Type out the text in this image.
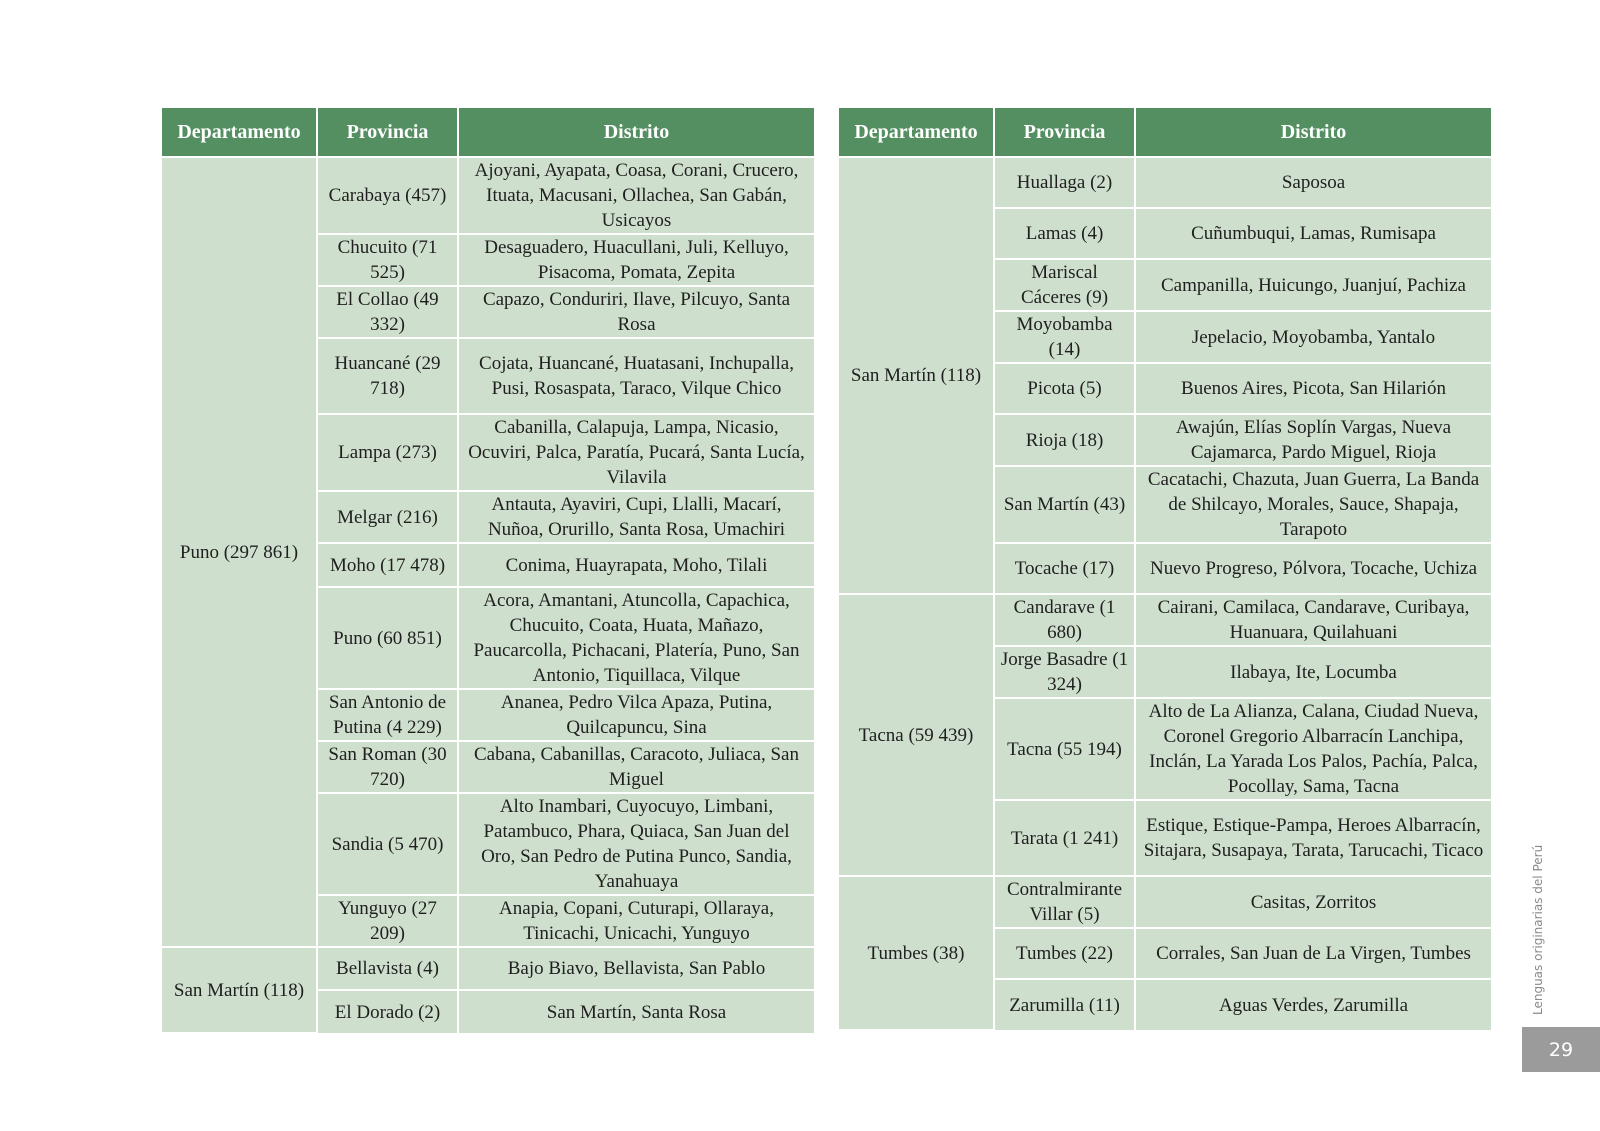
Departamento	Provincia	Distrito
Puno (297 861)	Carabaya (457)	Ajoyani, Ayapata, Coasa, Corani, Crucero, Ituata, Macusani, Ollachea, San Gabán, Usicayos
	Chucuito (71 525)	Desaguadero, Huacullani, Juli, Kelluyo, Pisacoma, Pomata, Zepita
	El Collao (49 332)	Capazo, Conduriri, Ilave, Pilcuyo, Santa Rosa
	Huancané (29 718)	Cojata, Huancané, Huatasani, Inchupalla, Pusi, Rosaspata, Taraco, Vilque Chico
	Lampa (273)	Cabanilla, Calapuja, Lampa, Nicasio, Ocuviri, Palca, Paratía, Pucará, Santa Lucía, Vilavila
	Melgar (216)	Antauta, Ayaviri, Cupi, Llalli, Macarí, Nuñoa, Orurillo, Santa Rosa, Umachiri
	Moho (17 478)	Conima, Huayrapata, Moho, Tilali
	Puno (60 851)	Acora, Amantani, Atuncolla, Capachica, Chucuito, Coata, Huata, Mañazo, Paucarcolla, Pichacani, Platería, Puno, San Antonio, Tiquillaca, Vilque
	San Antonio de Putina (4 229)	Ananea, Pedro Vilca Apaza, Putina, Quilcapuncu, Sina
	San Roman (30 720)	Cabana, Cabanillas, Caracoto, Juliaca, San Miguel
	Sandia (5 470)	Alto Inambari, Cuyocuyo, Limbani, Patambuco, Phara, Quiaca, San Juan del Oro, San Pedro de Putina Punco, Sandia, Yanahuaya
	Yunguyo (27 209)	Anapia, Copani, Cuturapi, Ollaraya, Tinicachi, Unicachi, Yunguyo
San Martín (118)	Bellavista (4)	Bajo Biavo, Bellavista, San Pablo
	El Dorado (2)	San Martín, Santa Rosa
Departamento	Provincia	Distrito
San Martín (118)	Huallaga (2)	Saposoa
	Lamas (4)	Cuñumbuqui, Lamas, Rumisapa
	Mariscal Cáceres (9)	Campanilla, Huicungo, Juanjuí, Pachiza
	Moyobamba (14)	Jepelacio, Moyobamba, Yantalo
	Picota (5)	Buenos Aires, Picota, San Hilarión
	Rioja (18)	Awajún, Elías Soplín Vargas, Nueva Cajamarca, Pardo Miguel, Rioja
	San Martín (43)	Cacatachi, Chazuta, Juan Guerra, La Banda de Shilcayo, Morales, Sauce, Shapaja, Tarapoto
	Tocache (17)	Nuevo Progreso, Pólvora, Tocache, Uchiza
Tacna (59 439)	Candarave (1 680)	Cairani, Camilaca, Candarave, Curibaya, Huanuara, Quilahuani
	Jorge Basadre (1 324)	Ilabaya, Ite, Locumba
	Tacna (55 194)	Alto de La Alianza, Calana, Ciudad Nueva, Coronel Gregorio Albarracín Lanchipa, Inclán, La Yarada Los Palos, Pachía, Palca, Pocollay, Sama, Tacna
	Tarata (1 241)	Estique, Estique-Pampa, Heroes Albarracín, Sitajara, Susapaya, Tarata, Tarucachi, Ticaco
Tumbes (38)	Contralmirante Villar (5)	Casitas, Zorritos
	Tumbes (22)	Corrales, San Juan de La Virgen, Tumbes
	Zarumilla (11)	Aguas Verdes, Zarumilla	Lenguas originarias del Perú
29
